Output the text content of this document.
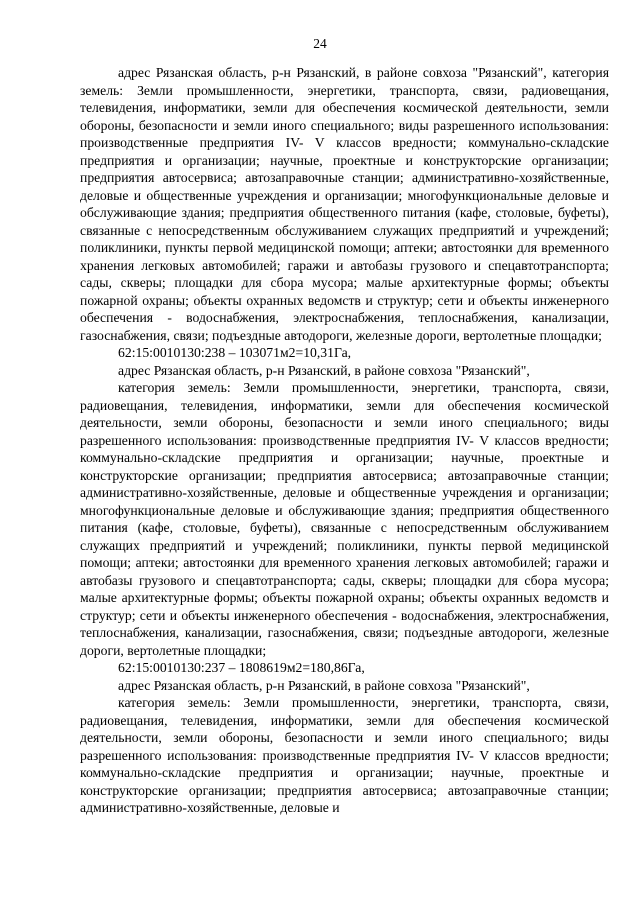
24

адрес Рязанская область, р-н Рязанский, в районе совхоза "Рязанский", категория земель: Земли промышленности, энергетики, транспорта, связи, радиовещания, телевидения, информатики, земли для обеспечения космической деятельности, земли обороны, безопасности и земли иного специального; виды разрешенного использования: производственные предприятия IV- V классов вредности; коммунально-складские предприятия и организации; научные, проектные и конструкторские организации; предприятия автосервиса; автозаправочные станции; административно-хозяйственные, деловые и общественные учреждения и организации; многофункциональные деловые и обслуживающие здания; предприятия общественного питания (кафе, столовые, буфеты), связанные с непосредственным обслуживанием служащих предприятий и учреждений; поликлиники, пункты первой медицинской помощи; аптеки; автостоянки для временного хранения легковых автомобилей; гаражи и автобазы грузового и спецавтотранспорта; сады, скверы; площадки для сбора мусора; малые архитектурные формы; объекты пожарной охраны; объекты охранных ведомств и структур; сети и объекты инженерного обеспечения - водоснабжения, электроснабжения, теплоснабжения, канализации, газоснабжения, связи; подъездные автодороги, железные дороги, вертолетные площадки;

62:15:0010130:238 – 103071м2=10,31Га,

адрес Рязанская область, р-н Рязанский, в районе совхоза "Рязанский",

категория земель: Земли промышленности, энергетики, транспорта, связи, радиовещания, телевидения, информатики, земли для обеспечения космической деятельности, земли обороны, безопасности и земли иного специального; виды разрешенного использования: производственные предприятия IV- V классов вредности; коммунально-складские предприятия и организации; научные, проектные и конструкторские организации; предприятия автосервиса; автозаправочные станции; административно-хозяйственные, деловые и общественные учреждения и организации; многофункциональные деловые и обслуживающие здания; предприятия общественного питания (кафе, столовые, буфеты), связанные с непосредственным обслуживанием служащих предприятий и учреждений; поликлиники, пункты первой медицинской помощи; аптеки; автостоянки для временного хранения легковых автомобилей; гаражи и автобазы грузового и спецавтотранспорта; сады, скверы; площадки для сбора мусора; малые архитектурные формы; объекты пожарной охраны; объекты охранных ведомств и структур; сети и объекты инженерного обеспечения - водоснабжения, электроснабжения, теплоснабжения, канализации, газоснабжения, связи; подъездные автодороги, железные дороги, вертолетные площадки;

62:15:0010130:237 – 1808619м2=180,86Га,

адрес Рязанская область, р-н Рязанский, в районе совхоза "Рязанский",

категория земель: Земли промышленности, энергетики, транспорта, связи, радиовещания, телевидения, информатики, земли для обеспечения космической деятельности, земли обороны, безопасности и земли иного специального; виды разрешенного использования: производственные предприятия IV- V классов вредности; коммунально-складские предприятия и организации; научные, проектные и конструкторские организации; предприятия автосервиса; автозаправочные станции; административно-хозяйственные, деловые и
